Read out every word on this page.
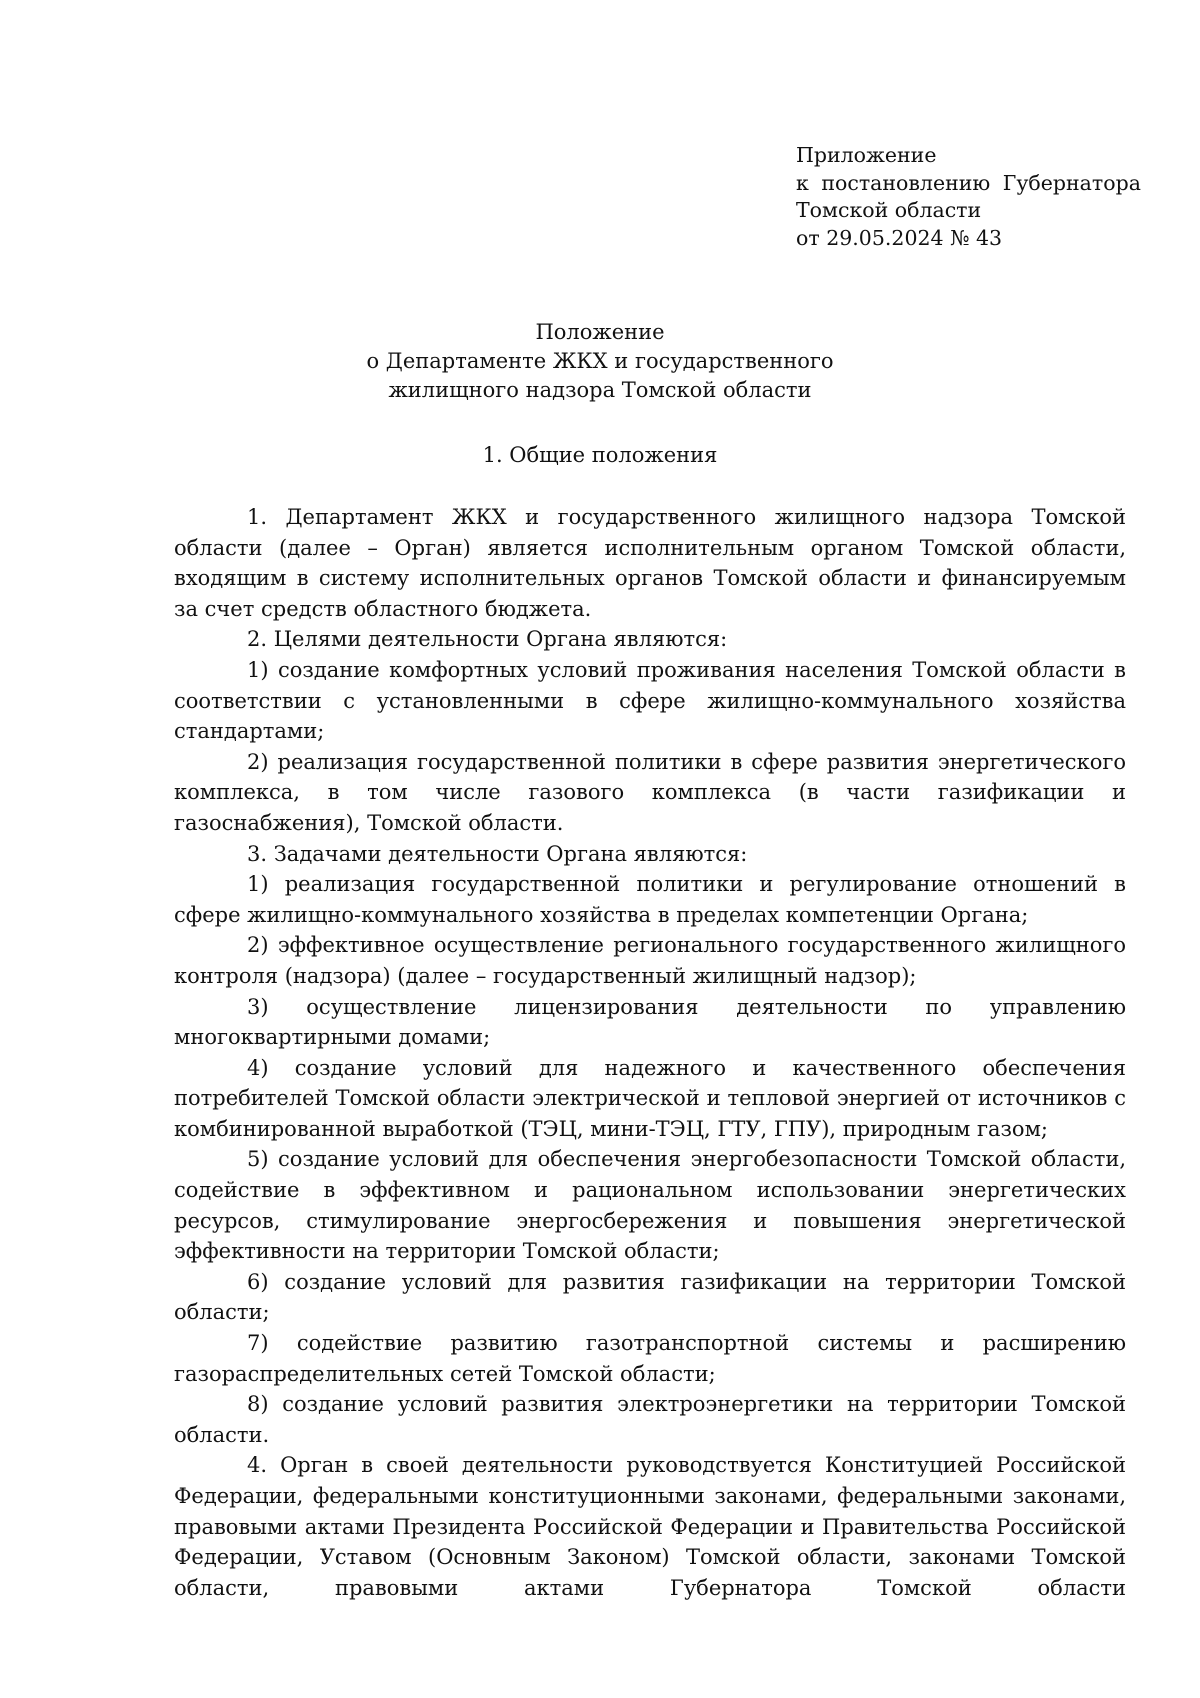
Приложение
к постановлению Губернатора
Томской области
от 29.05.2024 № 43
Положение
о Департаменте ЖКХ и государственного
жилищного надзора Томской области
1. Общие положения

1. Департамент ЖКХ и государственного жилищного надзора Томской области (далее – Орган) является исполнительным органом Томской области, входящим в систему исполнительных органов Томской области и финансируемым за счет средств областного бюджета.

2. Целями деятельности Органа являются:

1) создание комфортных условий проживания населения Томской области в соответствии с установленными в сфере жилищно-коммунального хозяйства стандартами;

2) реализация государственной политики в сфере развития энергетического комплекса, в том числе газового комплекса (в части газификации и газоснабжения), Томской области.

3. Задачами деятельности Органа являются:

1) реализация государственной политики и регулирование отношений в сфере жилищно-коммунального хозяйства в пределах компетенции Органа;

2) эффективное осуществление регионального государственного жилищного контроля (надзора) (далее – государственный жилищный надзор);

3) осуществление лицензирования деятельности по управлению многоквартирными домами;

4) создание условий для надежного и качественного обеспечения потребителей Томской области электрической и тепловой энергией от источников с комбинированной выработкой (ТЭЦ, мини-ТЭЦ, ГТУ, ГПУ), природным газом;

5) создание условий для обеспечения энергобезопасности Томской области, содействие в эффективном и рациональном использовании энергетических ресурсов, стимулирование энергосбережения и повышения энергетической эффективности на территории Томской области;

6) создание условий для развития газификации на территории Томской области;

7) содействие развитию газотранспортной системы и расширению газораспределительных сетей Томской области;

8) создание условий развития электроэнергетики на территории Томской области.

4. Орган в своей деятельности руководствуется Конституцией Российской Федерации, федеральными конституционными законами, федеральными законами, правовыми актами Президента Российской Федерации и Правительства Российской Федерации, Уставом (Основным Законом) Томской области, законами Томской области, правовыми актами Губернатора Томской области
